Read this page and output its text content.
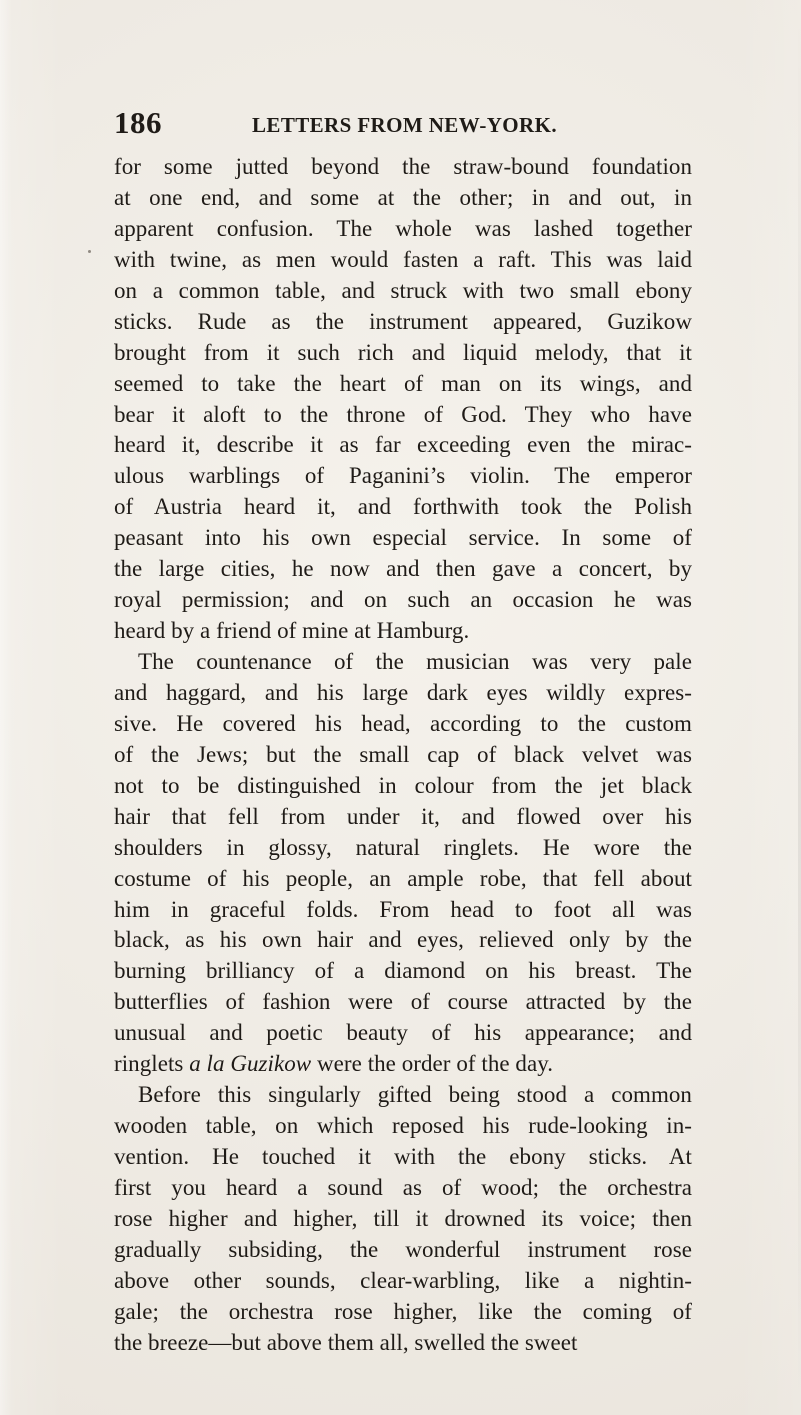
186	LETTERS FROM NEW-YORK.
for some jutted beyond the straw-bound foundation
at one end, and some at the other; in and out, in
apparent confusion. The whole was lashed together
with twine, as men would fasten a raft. This was laid
on a common table, and struck with two small ebony
sticks. Rude as the instrument appeared, Guzikow
brought from it such rich and liquid melody, that it
seemed to take the heart of man on its wings, and
bear it aloft to the throne of God. They who have
heard it, describe it as far exceeding even the mirac-
ulous warblings of Paganini’s violin. The emperor
of Austria heard it, and forthwith took the Polish
peasant into his own especial service. In some of
the large cities, he now and then gave a concert, by
royal permission; and on such an occasion he was
heard by a friend of mine at Hamburg.
The countenance of the musician was very pale
and haggard, and his large dark eyes wildly expres-
sive. He covered his head, according to the custom
of the Jews; but the small cap of black velvet was
not to be distinguished in colour from the jet black
hair that fell from under it, and flowed over his
shoulders in glossy, natural ringlets. He wore the
costume of his people, an ample robe, that fell about
him in graceful folds. From head to foot all was
black, as his own hair and eyes, relieved only by the
burning brilliancy of a diamond on his breast. The
butterflies of fashion were of course attracted by the
unusual and poetic beauty of his appearance; and
ringlets a la Guzikow were the order of the day.
Before this singularly gifted being stood a common
wooden table, on which reposed his rude-looking in-
vention. He touched it with the ebony sticks. At
first you heard a sound as of wood; the orchestra
rose higher and higher, till it drowned its voice; then
gradually subsiding, the wonderful instrument rose
above other sounds, clear-warbling, like a nightin-
gale; the orchestra rose higher, like the coming of
the breeze—but above them all, swelled the sweet
